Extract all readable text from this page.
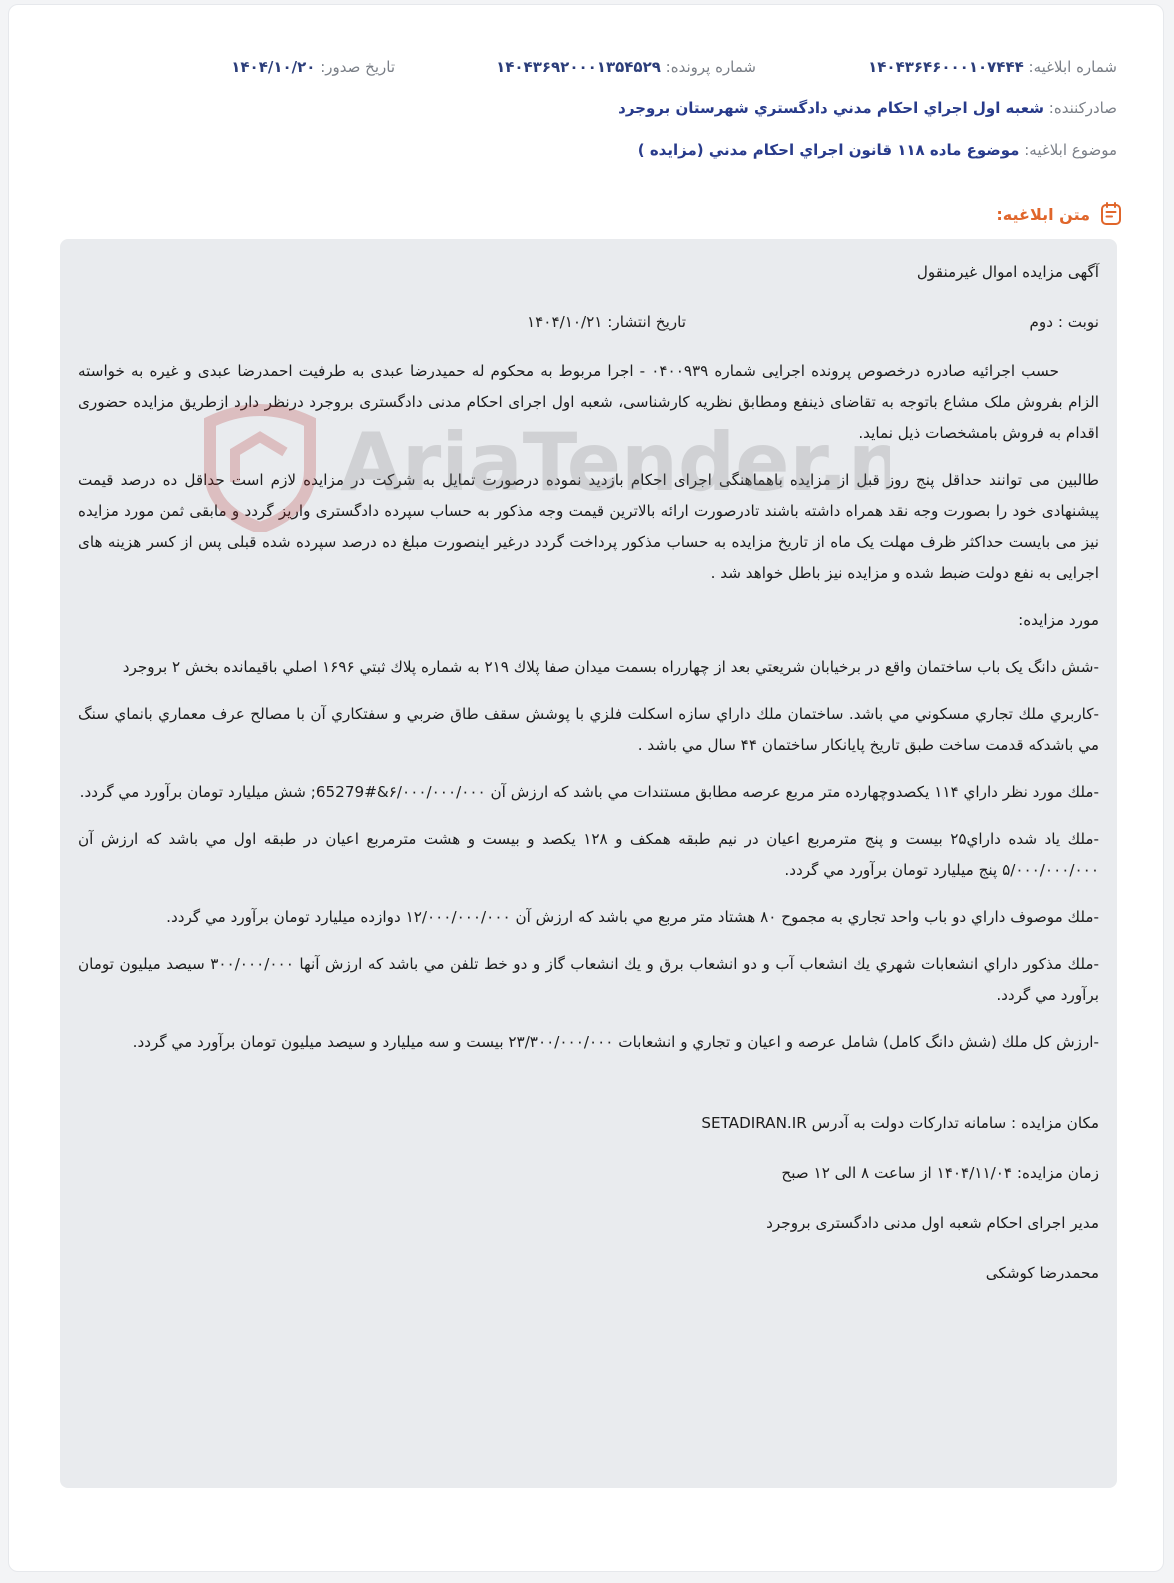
شماره ابلاغیه: ۱۴۰۴۳۶۴۶۰۰۰۱۰۷۴۴۴
شماره پرونده: ۱۴۰۴۳۶۹۲۰۰۰۱۳۵۴۵۲۹
تاریخ صدور: ۱۴۰۴/۱۰/۲۰
صادرکننده: شعبه اول اجراي احكام مدني دادگستري شهرستان بروجرد
موضوع ابلاغیه: موضوع ماده ۱۱۸ قانون اجراي احكام مدني (مزايده )
متن ابلاغیه:

آگهی مزایده اموال غیرمنقول

نوبت : دوم
تاریخ انتشار: ۱۴۰۴/۱۰/۲۱

حسب اجرائیه صادره درخصوص پرونده اجرایی شماره ۰۴۰۰۹۳۹ - اجرا مربوط به محکوم له حمیدرضا عبدی به طرفیت احمدرضا عبدی و غیره به خواسته الزام بفروش ملک مشاع باتوجه به تقاضای ذینفع ومطابق نظریه کارشناسی، شعبه اول اجرای احکام مدنی دادگستری بروجرد درنظر دارد ازطریق مزایده حضوری اقدام به فروش بامشخصات ذیل نماید.

طالبین می توانند حداقل پنج روز قبل از مزایده باهماهنگی اجرای احکام بازدید نموده درصورت تمایل به شرکت در مزایده لازم است حداقل ده درصد قیمت پیشنهادی خود را بصورت وجه نقد همراه داشته باشند تادرصورت ارائه بالاترین قیمت وجه مذکور به حساب سپرده دادگستری واریز گردد و مابقی ثمن مورد مزایده نیز می بایست حداکثر ظرف مهلت یک ماه از تاریخ مزایده به حساب مذکور پرداخت گردد درغیر اینصورت مبلغ ده درصد سپرده شده قبلی پس از کسر هزینه های اجرایی به نفع دولت ضبط شده و مزایده نیز باطل خواهد شد .

مورد مزایده:

-شش دانگ يک باب ساختمان واقع در برخيابان شريعتي بعد از چهارراه بسمت ميدان صفا پلاك ۲۱۹ به شماره پلاك ثبتي ۱۶۹۶ اصلي باقيمانده بخش ۲ بروجرد

-كاربري ملك تجاري مسكوني مي باشد. ساختمان ملك داراي سازه اسكلت فلزي با پوشش سقف طاق ضربي و سفتكاري آن با مصالح عرف معماري بانماي سنگ مي باشدكه قدمت ساخت طبق تاريخ پايانكار ساختمان ۴۴ سال مي باشد .

-ملك مورد نظر داراي ۱۱۴ يكصدوچهارده متر مربع عرصه مطابق مستندات مي باشد كه ارزش آن ۶/۰۰۰/۰۰۰/۰۰۰&#65279; شش ميليارد تومان برآورد مي گردد.

-ملك ياد شده داراي۲۵ بيست و پنج مترمربع اعيان در نيم طبقه همكف و ۱۲۸ يكصد و بيست و هشت مترمربع اعيان در طبقه اول مي باشد كه ارزش آن ۵/۰۰۰/۰۰۰/۰۰۰ پنج ميليارد تومان برآورد مي گردد.

-ملك موصوف داراي دو باب واحد تجاري به مجموح ۸۰ هشتاد متر مربع مي باشد كه ارزش آن ۱۲/۰۰۰/۰۰۰/۰۰۰ دوازده ميليارد تومان برآورد مي گردد.

-ملك مذكور داراي انشعابات شهري يك انشعاب آب و دو انشعاب برق و يك انشعاب گاز و دو خط تلفن مي باشد كه ارزش آنها ۳۰۰/۰۰۰/۰۰۰ سيصد ميليون تومان برآورد مي گردد.

-ارزش كل ملك (شش دانگ كامل) شامل عرصه و اعيان و تجاري و انشعابات ۲۳/۳۰۰/۰۰۰/۰۰۰ بيست و سه ميليارد و سيصد ميليون تومان برآورد مي گردد.

مکان مزایده : سامانه تداركات دولت به آدرس SETADIRAN.IR

زمان مزایده: ۱۴۰۴/۱۱/۰۴ از ساعت ۸ الی ۱۲ صبح

مدیر اجرای احکام شعبه اول مدنی دادگستری بروجرد

محمدرضا کوشکی

AriaTender.n
